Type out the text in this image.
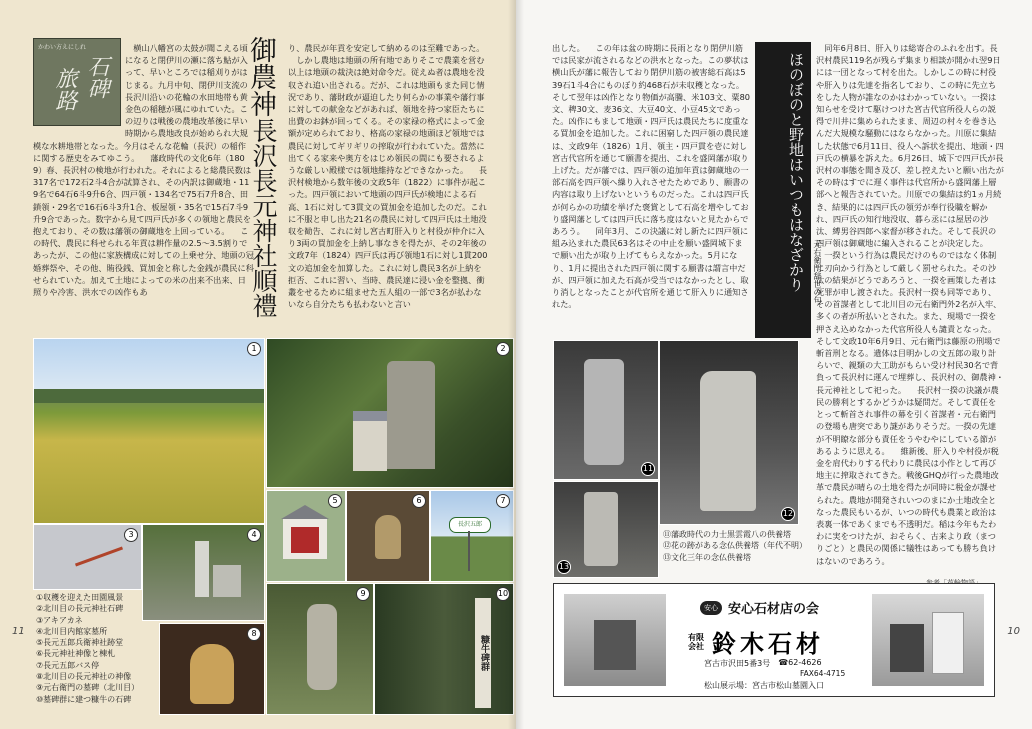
かわい方えにしれ
石碑
旅路
　横山八幡宮の太鼓が聞こえる頃になると閉伊川の瀬に落ち鮎が入って、早いところでは稲刈りがはじまる。九月中旬、閉伊川支流の長沢川沿いの花輪の水田地帯も黄金色の稲穂が風にゆれていた。この辺りは戦後の農地改革後に早い時期から農地改良が始められ大規模な水耕地帯となった。今月はそんな花輪（長沢）の稲作に関する歴史をみてゆこう。 　藩政時代の文化6年（1809）春、長沢村の検地が行われた。それによると総農民数は317名で172石2斗4合が試算され、その内訳は御蔵地・119名で64石6斗9升6合、四戸領・134名で75石7升8合、田鎖領・29名で16石6斗3升1合、板屋領・35名で15石7斗9升9合であった。数字から見て四戸氏が多くの領地と農民を抱えており、その数は藩領の御蔵地を上回っている。 　この時代、農民に科せられる年貢は耕作量の2.5〜3.5割りであったが、この他に家族構成に対しての上乗せ分、地頭の冠婚葬祭や、その他、賄役銭、買加金と称した金銭が農民に科せられていた。加えて土地によっての米の出来不出来、日照りや冷害、洪水での凶作もあ
御農神
長沢長元神社順禮
り、農民が年貢を安定して納めるのは至難であった。 　しかし農地は地頭の所有地でありそこで農業を営む以上は地頭の裁決は絶対命令だ。従えぬ者は農地を没収され追い出される。だが、これは地頭もまた同じ情況であり、藩財政が逼迫したり何らかの事業や藩行事に対しての献金などがあれば、領地を持つ家臣たちに出費のお鉢が回ってくる。その家禄の格式によって金額が定められており、格高の家禄の地頭ほど領地では農民に対してギリギリの搾取が行われていた。當然に出てくる家来や奥方をはじめ領民の間にも要されるような厳しい殿様では領地維持などできなかった。 　長沢村検地から数年後の文政5年（1822）に事件が起こった。四戸領において地頭の四戸氏が検地による石高、1石に対して3貫文の買加金を追加したのだ。これに不服と申し出た21名の農民に対して四戸氏は土地没収を勧告、これに対し宮古町肝入りと村役が仲介に入り3両の買加金を上納し事なきを得たが、その2年後の文政7年（1824）四戸氏は再び領地1石に対し1貫200文の追加金を加算した。これに対し農民3名が上納を拒否、これに習い、当時、農民達に浸い金を整拠、衝叢をせるために組ませた五人組の一部で3名が払わないなら自分たちも払わないと言い
1	2
3	4
5	6
長沢五郎
7
8
9
糠牛碑群
10
①収穫を迎えた田園風景
②北川目の長元神社石碑
③アキアカネ
④北川目内館家墓所
⑤長元五郎兵衛神社跡堂
⑥長元神社神像と棟札
⑦長元五郎バス停
⑧北川目の長元神社の神像
⑨元右衛門の墓碑（北川目）
⑩墓碑群に建つ糠牛の石碑
11
出した。 　この年は盆の時期に長雨となり閉伊川筋では民家が流されるなどの洪水となった。この夢状は横山氏が藩に報告しており閉伊川筋の被害総石高は539石1斗4合にものぼり約468石が未収穫となった。そして翌年は凶作となり物価が高騰、米103文、粟80文、稗30文、麦36文、大豆40文、小豆45文であった。凶作にもまして地頭・四戸氏は農民たちに度重なる買加金を追加した。これに困窮した四戸領の農民達は、文政9年（1826）1月、領主・四戸貫を壱に対し宮古代官所を通じて願書を提出、これを盛岡藩が取り上げた。だが藩では、四戸領の追加年貢は御蔵地の一部石高を四戸領へ繰り入れさせたためであり、願書の内容は取り上げないというものだった。これは四戸氏が何らかの功績を挙げた褒賞として石高を増やしており盛岡藩としては四戸氏に落ち度はないと見たからであろう。 　同年3月、この決議に対し新たに四戸領に組み込まれた農民63名はその中止を願い盛岡城下まで願い出たが取り上げてもらえなかった。5月になり、1月に提出された四戸領に関する願書は謂言中だが、四戸領に加えた石高が受当ではなかったとし、取り消しとなったことが代官所を通じて肝入りに通知された。
　同年6月8日、肝入りは総寄合のふれを出す。長沢村農民119名が残らず集まり相談が開かれ翌9日には一団となって村を出た。しかしこの時に村役や肝入りは先達を指名しており、この時に先立ちをした人物が誰なのかはわかっていない。一揆は知らせを受けて駆けつけた宮古代官所役人らの説得で川井に集められたまま、周辺の村々を巻き込んだ大規模な騒動にはならなかった。川原に集結した状態で6月11日、役人へ訴状を提出、地頭・四戸氏の横暴を訴えた。6月26日、城下で四戸氏が長沢村の事態を聞き及び、差し控えたいと願い出たがその時はすでに遅く事件は代官所から盛岡藩上層部へと報告されていた。川原での集結は約1ヵ月続き、結果的には四戸氏の領労が奉行役職を解かれ、四戸氏の知行地没収、暮ら丞には屋居の沙汰、縛男谷四郎へ家督が移された。そして長沢の四戸領は御蔵地に編入されることが決定した。 　一揆という行為は農民だけのものではなく体制に刃向かう行為として厳しく罰せられた。その沙汰の結果がどうであろうと、一揆を画策した者は死罪が申し渡された。長沢村一揆も同等であり、その首謀者として北川目の元右衛門外2名が入牢、多くの者が所払いとされた。また、現場で一揆を押さえ込めなかった代官所役人も譴責となった。そして文政10年6月9日、元右衛門は藤原の刑場で斬首刑となる。遺体は目明かしの文五郎の取り計らいで、親類の大工助がもらい受け村民30名で背負って長沢村に運んで埋葬し、長沢村の、御農神・長元神社として祀った。 　長沢村一揆の決議が農民の勝利とするかどうかは疑問だ。そして責任をとって斬首され事件の幕を引く首謀者・元右衛門の登場も唐突であり謎がありそうだ。一揆の先達が不明瞭な部分も責任をうやむやにしている節があるように思える。 　維新後、肝入りや村役が税金を肩代わりする代わりに農民は小作として再び地主に搾取されてきた。戦後GHQが行った農地改革で農民が晴らの土地を得たが同時に税金が課せられた。農地が開発されいつのまにか土地改全となった農民もいるが、いつの時代も農業と政治は表裏一体であくまでも不透明だ。稲は今年もたわわに実をつけたが、おそらく、古来より政（まつりごと）と農民の関係に犠牲はあっても勝ち負けはないのであろう。
11
12
13
⑪藩政時代の力士黒雲霞八の供養塔
⑫花の跡がある念仏供養塔（年代不明）
⑬文化三年の念仏供養塔
10
ほのぼのと野地はいつもはなざかり 元右衛門辞世の句
安心 安心石材店の会
有限会社 鈴木石材
宮古市沢田5番3号 ☎62-4626
FAX64-4715
松山展示場：宮古市松山墓園入口
